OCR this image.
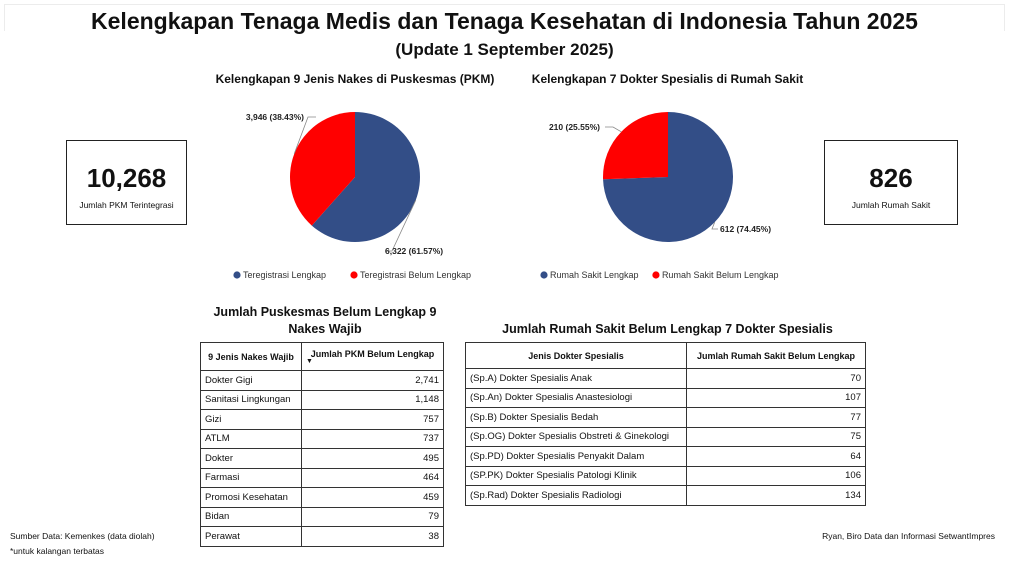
Kelengkapan Tenaga Medis dan Tenaga Kesehatan di Indonesia Tahun 2025
(Update 1 September 2025)
Kelengkapan 9 Jenis Nakes di Puskesmas (PKM)
6,322 (61.57%)
3,946 (38.43%)
Teregistrasi Lengkap	Teregistrasi Belum Lengkap
Kelengkapan 7 Dokter Spesialis di Rumah Sakit
612 (74.45%)
210 (25.55%)
Rumah Sakit Lengkap	Rumah Sakit Belum Lengkap
10,268
Jumlah PKM Terintegrasi
826
Jumlah Rumah Sakit
Jumlah Puskesmas Belum Lengkap 9 Nakes Wajib
9 Jenis Nakes Wajib	Jumlah PKM Belum Lengkap
▼

Dokter Gigi	2,741
Sanitasi Lingkungan	1,148
Gizi	757
ATLM	737
Dokter	495
Farmasi	464
Promosi Kesehatan	459
Bidan	79
Perawat	38
Jumlah Rumah Sakit Belum Lengkap 7 Dokter Spesialis
Jenis Dokter Spesialis	Jumlah Rumah Sakit Belum Lengkap
(Sp.A) Dokter Spesialis Anak	70
(Sp.An) Dokter Spesialis Anastesiologi	107
(Sp.B) Dokter Spesialis Bedah	77
(Sp.OG) Dokter Spesialis Obstreti & Ginekologi	75
(Sp.PD) Dokter Spesialis Penyakit Dalam	64
(SP.PK) Dokter Spesialis Patologi Klinik	106
(Sp.Rad) Dokter Spesialis Radiologi	134
Sumber Data: Kemenkes (data diolah)
*untuk kalangan terbatas
Ryan, Biro Data dan Informasi SetwantImpres
